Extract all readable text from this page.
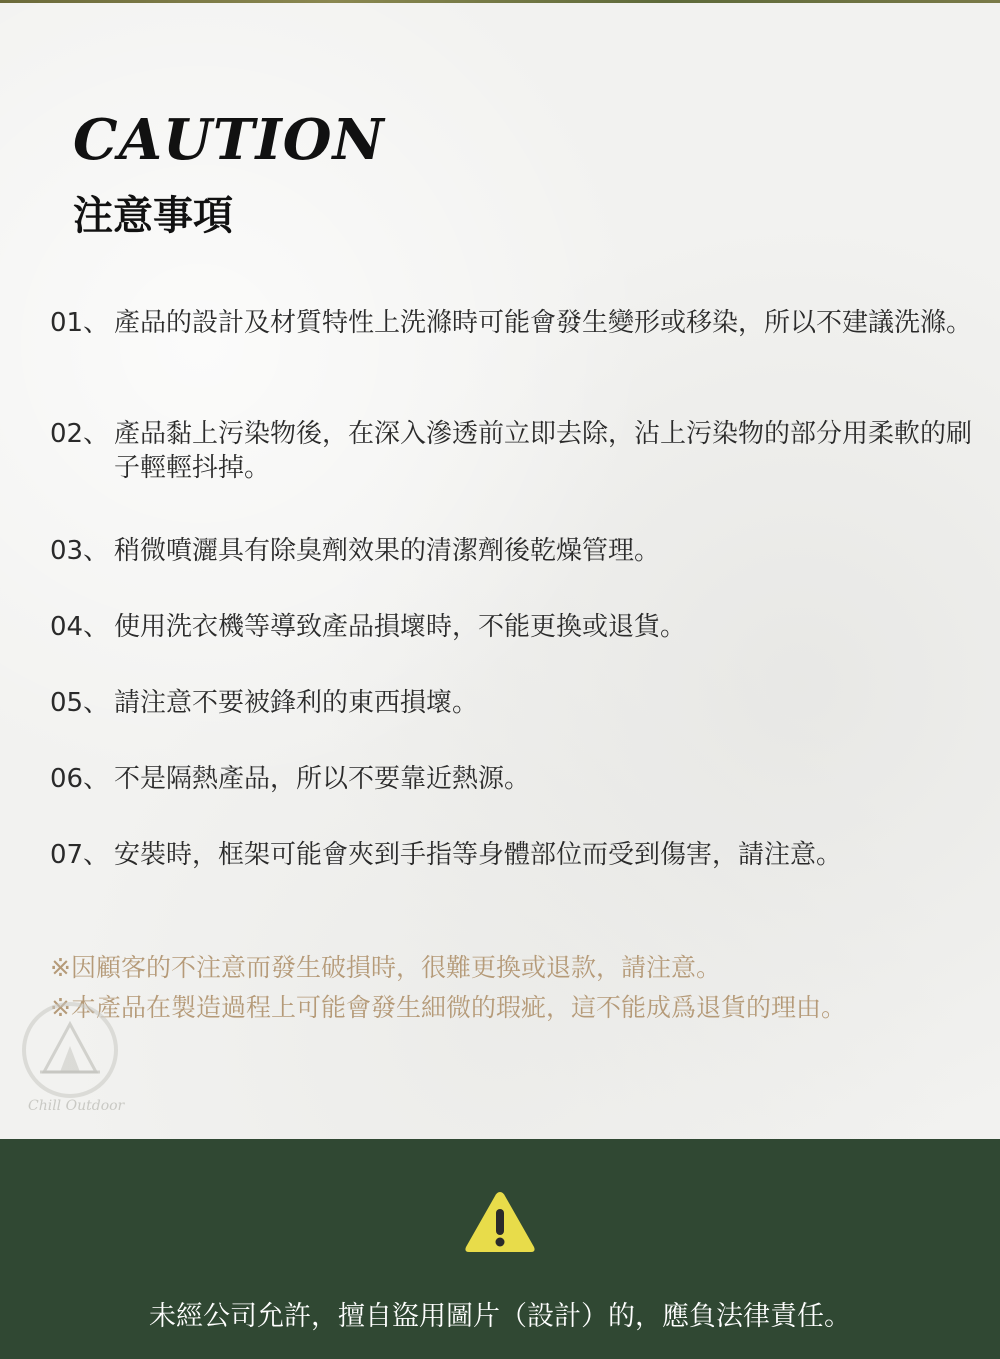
CAUTION
注意事項
01、 產品的設計及材質特性上洗滌時可能會發生變形或移染，所以不建議洗滌。
02、 產品黏上污染物後，在深入滲透前立即去除，沾上污染物的部分用柔軟的刷子輕輕抖掉。
03、 稍微噴灑具有除臭劑效果的清潔劑後乾燥管理。
04、 使用洗衣機等導致產品損壞時，不能更換或退貨。
05、 請注意不要被鋒利的東西損壞。
06、 不是隔熱產品，所以不要靠近熱源。
07、 安裝時，框架可能會夾到手指等身體部位而受到傷害，請注意。
※因顧客的不注意而發生破損時，很難更換或退款，請注意。
※本產品在製造過程上可能會發生細微的瑕疵，這不能成爲退貨的理由。
Chill Outdoor
未經公司允許，擅自盜用圖片（設計）的，應負法律責任。
